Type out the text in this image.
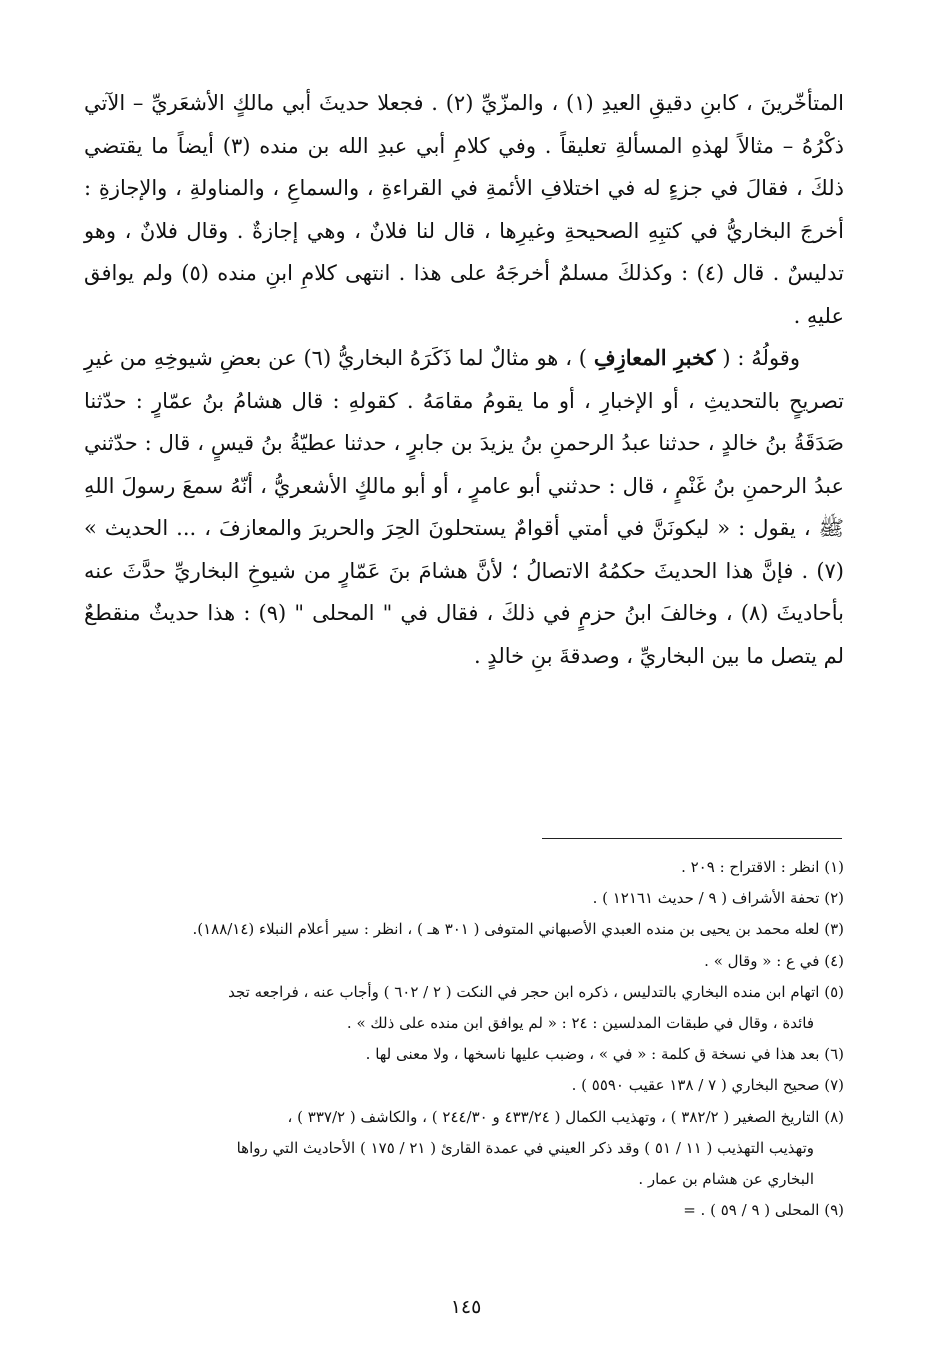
المتأخّرينَ ، كابنِ دقيقِ العيدِ (١) ، والمزّيِّ (٢) . فجعلا حديثَ أبي مالكٍ الأشعَريِّ – الآتي ذكْرُهُ – مثالاً لهذهِ المسألةِ تعليقاً . وفي كلامِ أبي عبدِ الله بن منده (٣) أيضاً ما يقتضي ذلكَ ، فقالَ في جزءٍ له في اختلافِ الأئمةِ في القراءةِ ، والسماعِ ، والمناولةِ ، والإجازةِ : أخرجَ البخاريُّ في كتبِهِ الصحيحةِ وغيرِها ، قال لنا فلانٌ ، وهي إجازةٌ . وقال فلانٌ ، وهو تدليسٌ . قال (٤) : وكذلكَ مسلمٌ أخرجَهُ على هذا . انتهى كلامِ ابنِ منده (٥) ولم يوافق عليهِ .

وقولُهُ : ( كخبرِ المعازِفِ ) ، هو مثالٌ لما ذَكَرَهُ البخاريُّ (٦) عن بعضِ شيوخِهِ من غيرِ تصريحٍ بالتحديثِ ، أو الإخبارِ ، أو ما يقومُ مقامَهُ . كقولهِ : قال هشامُ بنُ عمّارٍ : حدّثنا صَدَقَةُ بنُ خالدٍ ، حدثنا عبدُ الرحمنِ بنُ يزيدَ بن جابرٍ ، حدثنا عطيّةُ بنُ قيسٍ ، قال : حدّثني عبدُ الرحمنِ بنُ غَنْمٍ ، قال : حدثني أبو عامرٍ ، أو أبو مالكٍ الأشعريُّ ، أنّهُ سمعَ رسولَ اللهِ ﷺ ، يقول : « ليكونَنَّ في أمتي أقوامٌ يستحلونَ الحِرَ والحريرَ والمعازفَ ، ... الحديث » (٧) . فإنَّ هذا الحديثَ حكمُهُ الاتصالُ ؛ لأنَّ هشامَ بنَ عَمّارٍ من شيوخِ البخاريِّ حدَّثَ عنه بأحاديثَ (٨) ، وخالفَ ابنُ حزمٍ في ذلكَ ، فقال في " المحلى " (٩) : هذا حديثٌ منقطعٌ لم يتصل ما بين البخاريِّ ، وصدقةَ بنِ خالدٍ .

(١) انظر : الاقتراح : ٢٠٩ .

(٢) تحفة الأشراف ( ٩ / حديث ١٢١٦١ ) .

(٣) لعله محمد بن يحيى بن منده العبدي الأصبهاني المتوفى ( ٣٠١ هـ ) ، انظر : سير أعلام النبلاء (١٨٨/١٤).

(٤) في ع : « وقال » .

(٥) اتهام ابن منده البخاري بالتدليس ، ذكره ابن حجر في النكت ( ٢ / ٦٠٢ ) وأجاب عنه ، فراجعه تجد

فائدة ، وقال في طبقات المدلسين : ٢٤ : « لم يوافق ابن منده على ذلك » .

(٦) بعد هذا في نسخة ق كلمة : « في » ، وضبب عليها ناسخها ، ولا معنى لها .

(٧) صحيح البخاري ( ٧ / ١٣٨ عقيب ٥٥٩٠ ) .

(٨) التاريخ الصغير ( ٣٨٢/٢ ) ، وتهذيب الكمال ( ٤٣٣/٢٤ و ٢٤٤/٣٠ ) ، والكاشف ( ٣٣٧/٢ ) ،

وتهذيب التهذيب ( ١١ / ٥١ ) وقد ذكر العيني في عمدة القارئ ( ٢١ / ١٧٥ ) الأحاديث التي رواها

البخاري عن هشام بن عمار .

(٩) المحلى ( ٩ / ٥٩ ) . =

١٤٥
